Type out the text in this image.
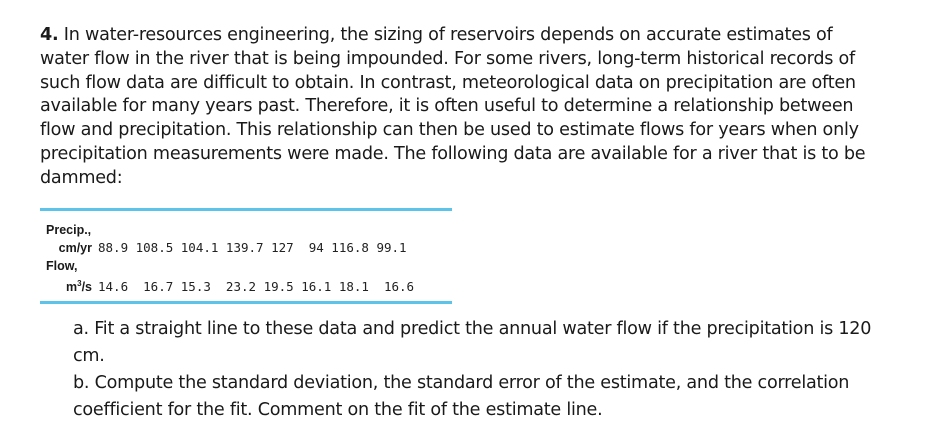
4. In water-resources engineering, the sizing of reservoirs depends on accurate estimates of water flow in the river that is being impounded. For some rivers, long-term historical records of such flow data are difficult to obtain. In contrast, meteorological data on precipitation are often available for many years past. Therefore, it is often useful to determine a relationship between flow and precipitation. This relationship can then be used to estimate flows for years when only precipitation measurements were made. The following data are available for a river that is to be dammed:
Precip.,
cm/yr 88.9 108.5 104.1 139.7 127  94 116.8 99.1
Flow,
$m^3/s$ 14.6  16.7 15.3  23.2 19.5 16.1 18.1  16.6

a. Fit a straight line to these data and predict the annual water flow if the precipitation is 120 cm.

b. Compute the standard deviation, the standard error of the estimate, and the correlation coefficient for the fit. Comment on the fit of the estimate line.
